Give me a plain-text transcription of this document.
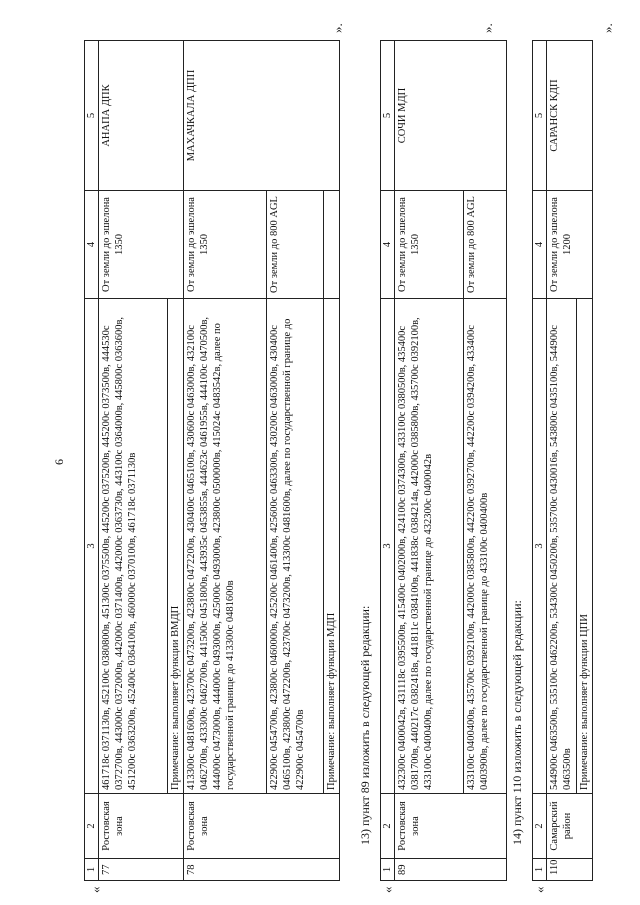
6
«
1	2	3	4	5
77	Ростовская зона	461718с 0371130в, 452100с 0380800в, 451300с 0375500в, 445200с 0375200в, 445200с 0373500в, 444530с 0372700в, 443000с 0372000в, 442000с 0371400в, 442000с 0363730в, 443100с 0364000в, 445800с 0363600в, 451200с 0363200в, 452400с 0364100в, 460000с 0370100в, 461718с 0371130в	От земли до эшелона 1350	АНАПА ДПК
		Примечание: выполняет функции ВМДП		
78	Ростовская зона	413300с 0481600в, 423700с 0473200в, 423800с 0472200в, 430400с 0465100в, 430600с 0463000в, 432100с 0462700в, 433300с 0462700в, 441500с 0451800в, 443935с 0453855в, 444623с 0461955в, 444100с 0470500в, 444000с 0473000в, 444000с 0493000в, 425000с 0493000в, 423800с 0500000в, 415024с 0483542в, далее по государственной границе до 413300с 0481600в	От земли до эшелона 1350	МАХАЧКАЛА ДПП
		422900с 0454700в, 423800с 0460000в, 425200с 0461400в, 425600с 0463300в, 430200с 0463000в, 430400с 0465100в, 423800с 0472200в, 423700с 0473200в, 413300с 0481600в, далее по государственной границе до 422900с 0454700в	От земли до 800 AGL	
		Примечание: выполняет функции МДП		
».
13) пункт 89 изложить в следующей редакции:
«
1	2	3	4	5
89	Ростовская зона	432300с 0400042в, 431118с 0395500в, 415400с 0402000в, 424100с 0374300в, 433100с 0380500в, 435400с 0381700в, 440217с 0382418в, 441811с 0384100в, 441838с 0384214в, 442000с 0385800в, 435700с 0392100в, 433100с 0400400в, далее по государственной границе до 432300с 0400042в	От земли до эшелона 1350	СОЧИ МДП
		433100с 0400400в, 435700с 0392100в, 442000с 0385800в, 442200с 0392700в, 442200с 0394200в, 433400с 0403900в, далее по государственной границе до 433100с 0400400в	От земли до 800 AGL	
».
14) пункт 110 изложить в следующей редакции:
«
1	2	3	4	5
110	Самарский район	544900с 0463500в, 535100с 0462200в, 534300с 0450200в, 535700с 0430016в, 543800с 0435100в, 544900с 0463500в	От земли до эшелона 1200	САРАНСК КДП
		Примечание: выполняет функции ЦПИ		
».
